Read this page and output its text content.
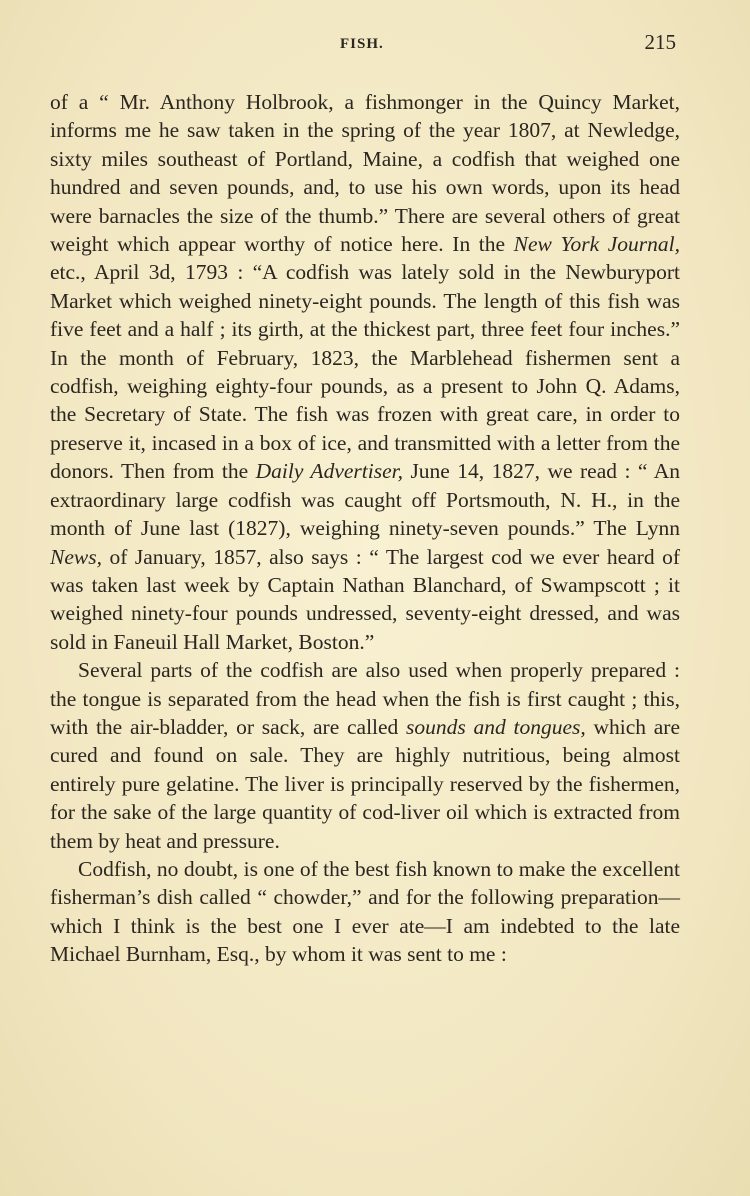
FISH.	215

of a “ Mr. Anthony Holbrook, a fishmonger in the Quincy Market, informs me he saw taken in the spring of the year 1807, at Newledge, sixty miles southeast of Portland, Maine, a codfish that weighed one hundred and seven pounds, and, to use his own words, upon its head were barnacles the size of the thumb.” There are several others of great weight which appear worthy of notice here. In the New York Journal, etc., April 3d, 1793 : “A codfish was lately sold in the Newburyport Market which weighed ninety-eight pounds. The length of this fish was five feet and a half ; its girth, at the thickest part, three feet four inches.” In the month of February, 1823, the Marblehead fishermen sent a codfish, weighing eighty-four pounds, as a present to John Q. Adams, the Secretary of State. The fish was frozen with great care, in order to preserve it, incased in a box of ice, and transmitted with a letter from the donors. Then from the Daily Advertiser, June 14, 1827, we read : “ An extraordinary large codfish was caught off Portsmouth, N. H., in the month of June last (1827), weighing ninety-seven pounds.” The Lynn News, of January, 1857, also says : “ The largest cod we ever heard of was taken last week by Captain Nathan Blanchard, of Swampscott ; it weighed ninety-four pounds undressed, seventy-eight dressed, and was sold in Faneuil Hall Market, Boston.”

Several parts of the codfish are also used when properly prepared : the tongue is separated from the head when the fish is first caught ; this, with the air-bladder, or sack, are called sounds and tongues, which are cured and found on sale. They are highly nutritious, being almost entirely pure gelatine. The liver is principally reserved by the fishermen, for the sake of the large quantity of cod-liver oil which is extracted from them by heat and pressure.

Codfish, no doubt, is one of the best fish known to make the excellent fisherman’s dish called “ chowder,” and for the following preparation—which I think is the best one I ever ate—I am indebted to the late Michael Burnham, Esq., by whom it was sent to me :
